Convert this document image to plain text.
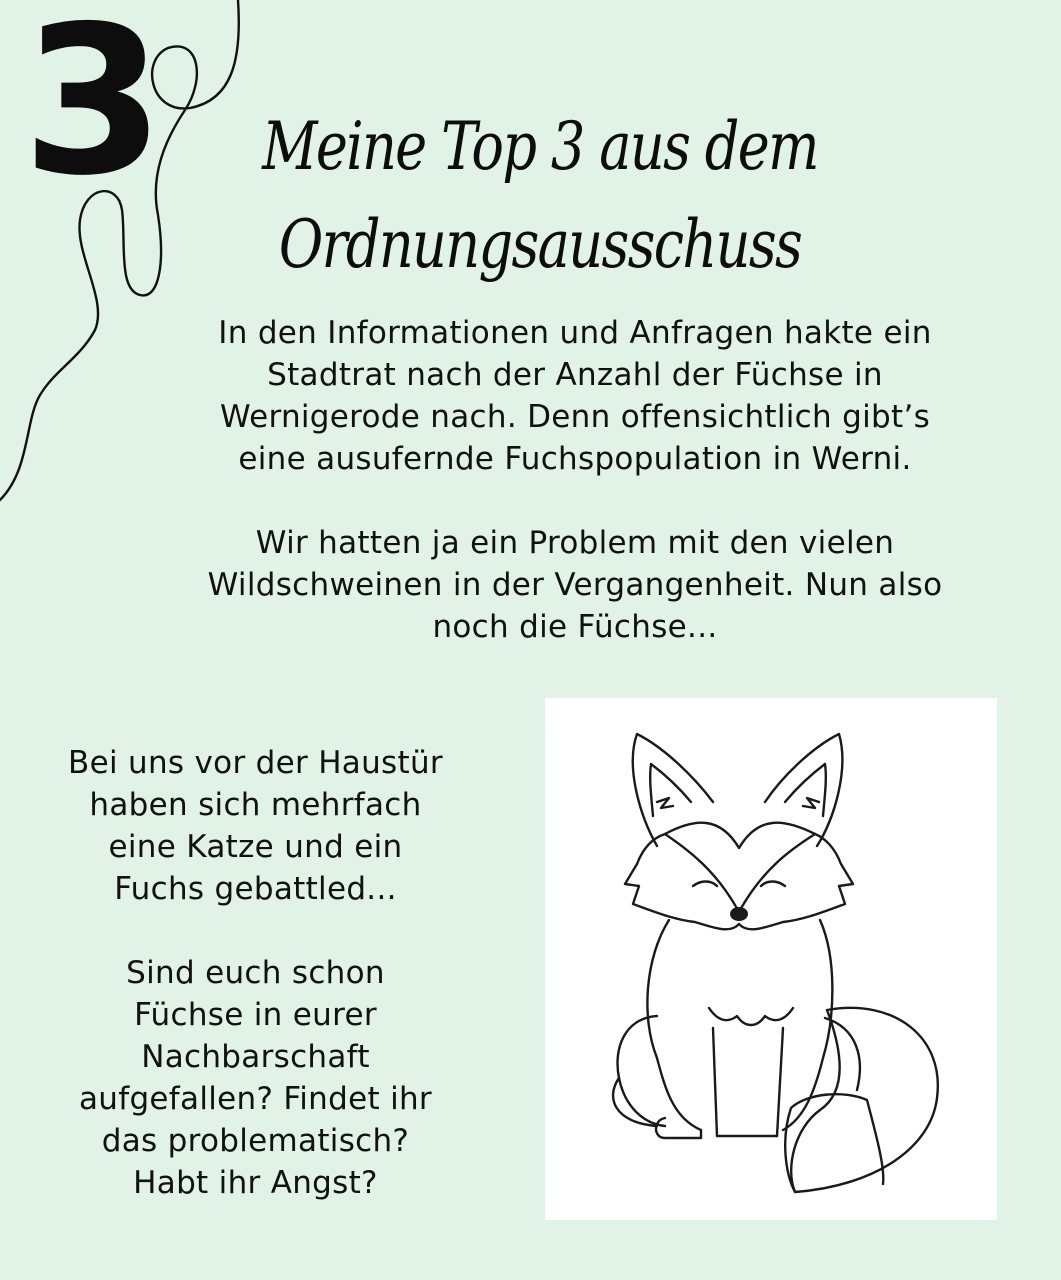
3 Meine Top 3 aus dem
Ordnungsausschuss

In den Informationen und Anfragen hakte ein
Stadtrat nach der Anzahl der Füchse in
Wernigerode nach. Denn offensichtlich gibt’s
eine ausufernde Fuchspopulation in Werni.

Wir hatten ja ein Problem mit den vielen
Wildschweinen in der Vergangenheit. Nun also
noch die Füchse...

Bei uns vor der Haustür
haben sich mehrfach
eine Katze und ein
Fuchs gebattled...

Sind euch schon
Füchse in eurer
Nachbarschaft
aufgefallen? Findet ihr
das problematisch?
Habt ihr Angst?
